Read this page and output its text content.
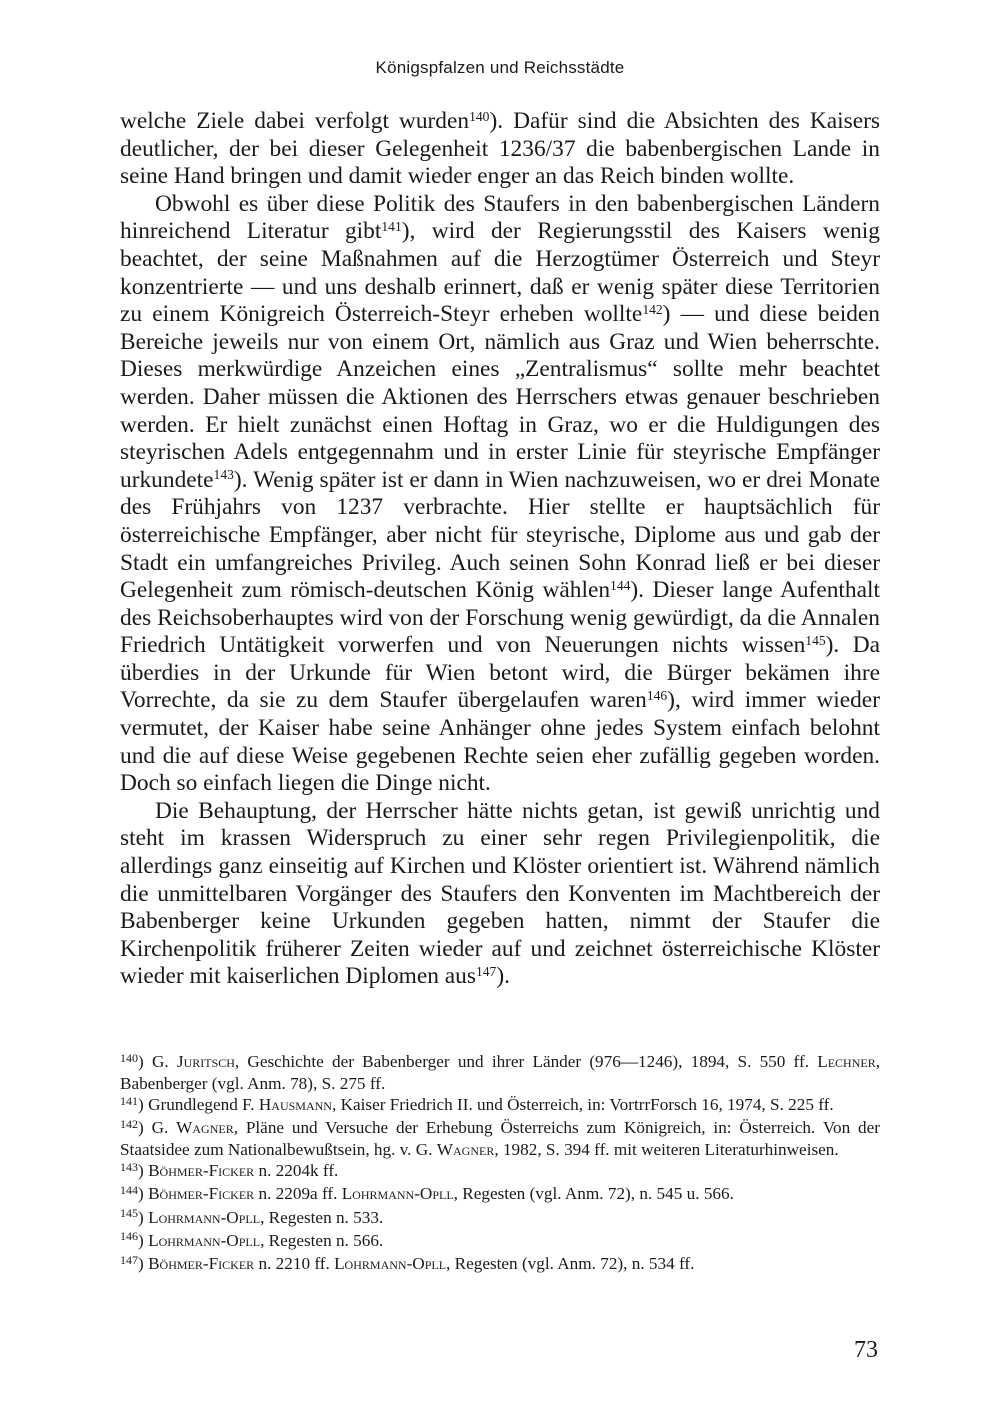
Königspfalzen und Reichsstädte

welche Ziele dabei verfolgt wurden$^{140}$). Dafür sind die Absichten des Kaisers deutlicher, der bei dieser Gelegenheit 1236/37 die babenbergischen Lande in seine Hand bringen und damit wieder enger an das Reich binden wollte.

Obwohl es über diese Politik des Staufers in den babenbergischen Ländern hinreichend Literatur gibt$^{141}$), wird der Regierungsstil des Kaisers wenig beachtet, der seine Maßnahmen auf die Herzogtümer Österreich und Steyr konzentrierte — und uns deshalb erinnert, daß er wenig später diese Territorien zu einem Königreich Österreich-Steyr erheben wollte$^{142}$) — und diese beiden Bereiche jeweils nur von einem Ort, nämlich aus Graz und Wien beherrschte. Dieses merkwürdige Anzeichen eines „Zentralismus“ sollte mehr beachtet werden. Daher müssen die Aktionen des Herrschers etwas genauer beschrieben werden. Er hielt zunächst einen Hoftag in Graz, wo er die Huldigungen des steyrischen Adels entgegennahm und in erster Linie für steyrische Empfänger urkundete$^{143}$). Wenig später ist er dann in Wien nachzuweisen, wo er drei Monate des Frühjahrs von 1237 verbrachte. Hier stellte er hauptsächlich für österreichische Empfänger, aber nicht für steyrische, Diplome aus und gab der Stadt ein umfangreiches Privileg. Auch seinen Sohn Konrad ließ er bei dieser Gelegenheit zum römisch-deutschen König wählen$^{144}$). Dieser lange Aufenthalt des Reichsoberhauptes wird von der Forschung wenig gewürdigt, da die Annalen Friedrich Untätigkeit vorwerfen und von Neuerungen nichts wissen$^{145}$). Da überdies in der Urkunde für Wien betont wird, die Bürger bekämen ihre Vorrechte, da sie zu dem Staufer übergelaufen waren$^{146}$), wird immer wieder vermutet, der Kaiser habe seine Anhänger ohne jedes System einfach belohnt und die auf diese Weise gegebenen Rechte seien eher zufällig gegeben worden. Doch so einfach liegen die Dinge nicht.

Die Behauptung, der Herrscher hätte nichts getan, ist gewiß unrichtig und steht im krassen Widerspruch zu einer sehr regen Privilegienpolitik, die allerdings ganz einseitig auf Kirchen und Klöster orientiert ist. Während nämlich die unmittelbaren Vorgänger des Staufers den Konventen im Machtbereich der Babenberger keine Urkunden gegeben hatten, nimmt der Staufer die Kirchenpolitik früherer Zeiten wieder auf und zeichnet österreichische Klöster wieder mit kaiserlichen Diplomen aus$^{147}$).

$^{140}$) G. Juritsch, Geschichte der Babenberger und ihrer Länder (976—1246), 1894, S. 550 ff. Lechner, Babenberger (vgl. Anm. 78), S. 275 ff.
$^{141}$) Grundlegend F. Hausmann, Kaiser Friedrich II. und Österreich, in: VortrrForsch 16, 1974, S. 225 ff.
$^{142}$) G. Wagner, Pläne und Versuche der Erhebung Österreichs zum Königreich, in: Österreich. Von der Staatsidee zum Nationalbewußtsein, hg. v. G. Wagner, 1982, S. 394 ff. mit weiteren Literaturhinweisen.
$^{143}$) Böhmer-Ficker n. 2204k ff.
$^{144}$) Böhmer-Ficker n. 2209a ff. Lohrmann-Opll, Regesten (vgl. Anm. 72), n. 545 u. 566.
$^{145}$) Lohrmann-Opll, Regesten n. 533.
$^{146}$) Lohrmann-Opll, Regesten n. 566.
$^{147}$) Böhmer-Ficker n. 2210 ff. Lohrmann-Opll, Regesten (vgl. Anm. 72), n. 534 ff.
73
